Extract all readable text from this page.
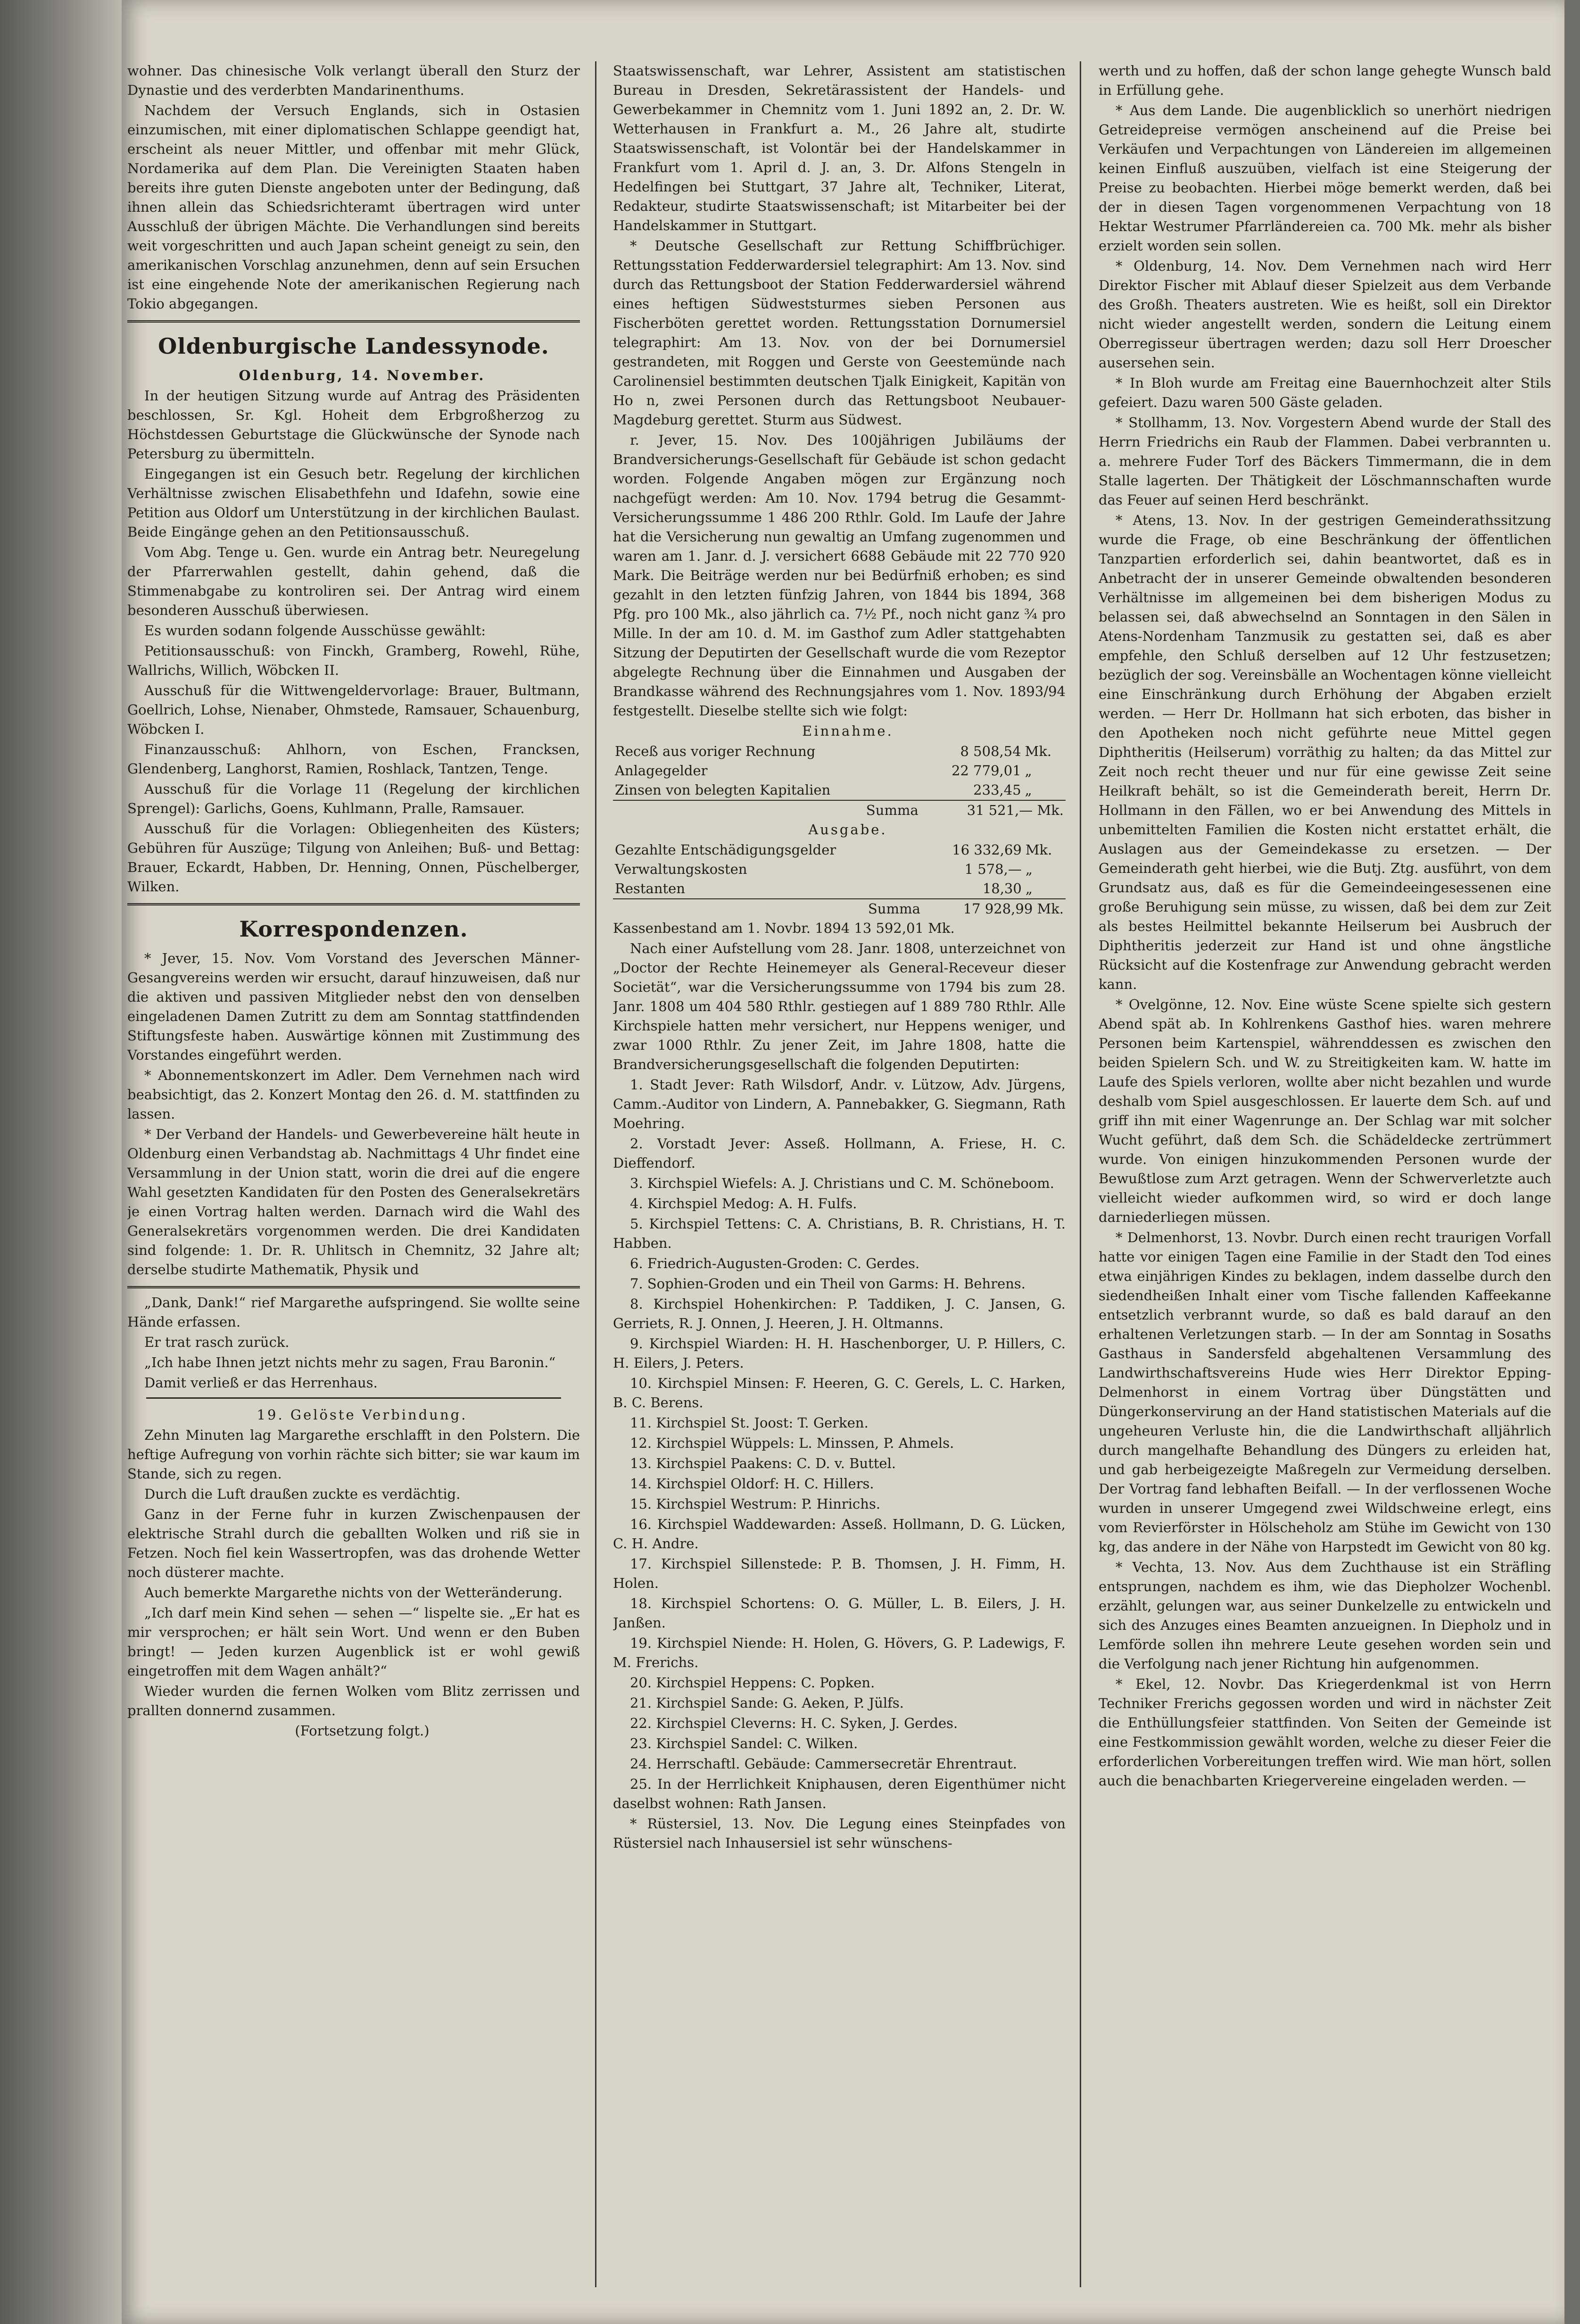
wohner. Das chinesische Volk verlangt überall den Sturz der Dynastie und des verderbten Mandarinenthums.

Nachdem der Versuch Englands, sich in Ostasien einzumischen, mit einer diplomatischen Schlappe geendigt hat, erscheint als neuer Mittler, und offenbar mit mehr Glück, Nordamerika auf dem Plan. Die Vereinigten Staaten haben bereits ihre guten Dienste angeboten unter der Bedingung, daß ihnen allein das Schiedsrichteramt übertragen wird unter Ausschluß der übrigen Mächte. Die Verhandlungen sind bereits weit vorgeschritten und auch Japan scheint geneigt zu sein, den amerikanischen Vorschlag anzunehmen, denn auf sein Ersuchen ist eine eingehende Note der amerikanischen Regierung nach Tokio abgegangen.

Oldenburgische Landessynode.

Oldenburg, 14. November.

In der heutigen Sitzung wurde auf Antrag des Präsidenten beschlossen, Sr. Kgl. Hoheit dem Erbgroßherzog zu Höchstdessen Geburtstage die Glückwünsche der Synode nach Petersburg zu übermitteln.

Eingegangen ist ein Gesuch betr. Regelung der kirchlichen Verhältnisse zwischen Elisabethfehn und Idafehn, sowie eine Petition aus Oldorf um Unterstützung in der kirchlichen Baulast. Beide Eingänge gehen an den Petitionsausschuß.

Vom Abg. Tenge u. Gen. wurde ein Antrag betr. Neuregelung der Pfarrerwahlen gestellt, dahin gehend, daß die Stimmenabgabe zu kontroliren sei. Der Antrag wird einem besonderen Ausschuß überwiesen.

Es wurden sodann folgende Ausschüsse gewählt:

Petitionsausschuß: von Finckh, Gramberg, Rowehl, Rühe, Wallrichs, Willich, Wöbcken II.

Ausschuß für die Wittwengeldervorlage: Brauer, Bultmann, Goellrich, Lohse, Nienaber, Ohmstede, Ramsauer, Schauenburg, Wöbcken I.

Finanzausschuß: Ahlhorn, von Eschen, Francksen, Glendenberg, Langhorst, Ramien, Roshlack, Tantzen, Tenge.

Ausschuß für die Vorlage 11 (Regelung der kirchlichen Sprengel): Garlichs, Goens, Kuhlmann, Pralle, Ramsauer.

Ausschuß für die Vorlagen: Obliegenheiten des Küsters; Gebühren für Auszüge; Tilgung von Anleihen; Buß- und Bettag: Brauer, Eckardt, Habben, Dr. Henning, Onnen, Püschelberger, Wilken.

Korrespondenzen.

* Jever, 15. Nov. Vom Vorstand des Jeverschen Männer-Gesangvereins werden wir ersucht, darauf hinzuweisen, daß nur die aktiven und passiven Mitglieder nebst den von denselben eingeladenen Damen Zutritt zu dem am Sonntag stattfindenden Stiftungsfeste haben. Auswärtige können mit Zustimmung des Vorstandes eingeführt werden.

* Abonnementskonzert im Adler. Dem Vernehmen nach wird beabsichtigt, das 2. Konzert Montag den 26. d. M. stattfinden zu lassen.

* Der Verband der Handels- und Gewerbevereine hält heute in Oldenburg einen Verbandstag ab. Nachmittags 4 Uhr findet eine Versammlung in der Union statt, worin die drei auf die engere Wahl gesetzten Kandidaten für den Posten des Generalsekretärs je einen Vortrag halten werden. Darnach wird die Wahl des Generalsekretärs vorgenommen werden. Die drei Kandidaten sind folgende: 1. Dr. R. Uhlitsch in Chemnitz, 32 Jahre alt; derselbe studirte Mathematik, Physik und

„Dank, Dank!“ rief Margarethe aufspringend. Sie wollte seine Hände erfassen.

Er trat rasch zurück.

„Ich habe Ihnen jetzt nichts mehr zu sagen, Frau Baronin.“

Damit verließ er das Herrenhaus.

19. Gelöste Verbindung.

Zehn Minuten lag Margarethe erschlafft in den Polstern. Die heftige Aufregung von vorhin rächte sich bitter; sie war kaum im Stande, sich zu regen.

Durch die Luft draußen zuckte es verdächtig.

Ganz in der Ferne fuhr in kurzen Zwischenpausen der elektrische Strahl durch die geballten Wolken und riß sie in Fetzen. Noch fiel kein Wassertropfen, was das drohende Wetter noch düsterer machte.

Auch bemerkte Margarethe nichts von der Wetteränderung.

„Ich darf mein Kind sehen — sehen —“ lispelte sie. „Er hat es mir versprochen; er hält sein Wort. Und wenn er den Buben bringt! — Jeden kurzen Augenblick ist er wohl gewiß eingetroffen mit dem Wagen anhält?“

Wieder wurden die fernen Wolken vom Blitz zerrissen und prallten donnernd zusammen.

(Fortsetzung folgt.)

Staatswissenschaft, war Lehrer, Assistent am statistischen Bureau in Dresden, Sekretärassistent der Handels- und Gewerbekammer in Chemnitz vom 1. Juni 1892 an, 2. Dr. W. Wetterhausen in Frankfurt a. M., 26 Jahre alt, studirte Staatswissenschaft, ist Volontär bei der Handelskammer in Frankfurt vom 1. April d. J. an, 3. Dr. Alfons Stengeln in Hedelfingen bei Stuttgart, 37 Jahre alt, Techniker, Literat, Redakteur, studirte Staatswissenschaft; ist Mitarbeiter bei der Handelskammer in Stuttgart.

* Deutsche Gesellschaft zur Rettung Schiffbrüchiger. Rettungsstation Fedderwardersiel telegraphirt: Am 13. Nov. sind durch das Rettungsboot der Station Fedderwardersiel während eines heftigen Südweststurmes sieben Personen aus Fischerböten gerettet worden. Rettungsstation Dornumersiel telegraphirt: Am 13. Nov. von der bei Dornumersiel gestrandeten, mit Roggen und Gerste von Geestemünde nach Carolinensiel bestimmten deutschen Tjalk Einigkeit, Kapitän von Ho n, zwei Personen durch das Rettungsboot Neubauer-Magdeburg gerettet. Sturm aus Südwest.

r. Jever, 15. Nov. Des 100jährigen Jubiläums der Brandversicherungs-Gesellschaft für Gebäude ist schon gedacht worden. Folgende Angaben mögen zur Ergänzung noch nachgefügt werden: Am 10. Nov. 1794 betrug die Gesammt-Versicherungssumme 1 486 200 Rthlr. Gold. Im Laufe der Jahre hat die Versicherung nun gewaltig an Umfang zugenommen und waren am 1. Janr. d. J. versichert 6688 Gebäude mit 22 770 920 Mark. Die Beiträge werden nur bei Bedürfniß erhoben; es sind gezahlt in den letzten fünfzig Jahren, von 1844 bis 1894, 368 Pfg. pro 100 Mk., also jährlich ca. 7½ Pf., noch nicht ganz ¾ pro Mille. In der am 10. d. M. im Gasthof zum Adler stattgehabten Sitzung der Deputirten der Gesellschaft wurde die vom Rezeptor abgelegte Rechnung über die Einnahmen und Ausgaben der Brandkasse während des Rechnungsjahres vom 1. Nov. 1893/94 festgestellt. Dieselbe stellte sich wie folgt:

Einnahme.

Receß aus voriger Rechnung	8 508,54	Mk.
Anlagegelder	22 779,01	„
Zinsen von belegten Kapitalien	233,45	„
Summa	31 521,— Mk.	

Ausgabe.

Gezahlte Entschädigungsgelder	16 332,69	Mk.
Verwaltungskosten	1 578,—	„
Restanten	18,30	„
Summa	17 928,99 Mk.	

Kassenbestand am 1. Novbr. 1894 13 592,01 Mk.

Nach einer Aufstellung vom 28. Janr. 1808, unterzeichnet von „Doctor der Rechte Heinemeyer als General-Receveur dieser Societät“, war die Versicherungssumme von 1794 bis zum 28. Janr. 1808 um 404 580 Rthlr. gestiegen auf 1 889 780 Rthlr. Alle Kirchspiele hatten mehr versichert, nur Heppens weniger, und zwar 1000 Rthlr. Zu jener Zeit, im Jahre 1808, hatte die Brandversicherungsgesellschaft die folgenden Deputirten:

1. Stadt Jever: Rath Wilsdorf, Andr. v. Lützow, Adv. Jürgens, Camm.-Auditor von Lindern, A. Pannebakker, G. Siegmann, Rath Moehring.

2. Vorstadt Jever: Asseß. Hollmann, A. Friese, H. C. Dieffendorf.

3. Kirchspiel Wiefels: A. J. Christians und C. M. Schöneboom.

4. Kirchspiel Medog: A. H. Fulfs.

5. Kirchspiel Tettens: C. A. Christians, B. R. Christians, H. T. Habben.

6. Friedrich-Augusten-Groden: C. Gerdes.

7. Sophien-Groden und ein Theil von Garms: H. Behrens.

8. Kirchspiel Hohenkirchen: P. Taddiken, J. C. Jansen, G. Gerriets, R. J. Onnen, J. Heeren, J. H. Oltmanns.

9. Kirchspiel Wiarden: H. H. Haschenborger, U. P. Hillers, C. H. Eilers, J. Peters.

10. Kirchspiel Minsen: F. Heeren, G. C. Gerels, L. C. Harken, B. C. Berens.

11. Kirchspiel St. Joost: T. Gerken.

12. Kirchspiel Wüppels: L. Minssen, P. Ahmels.

13. Kirchspiel Paakens: C. D. v. Buttel.

14. Kirchspiel Oldorf: H. C. Hillers.

15. Kirchspiel Westrum: P. Hinrichs.

16. Kirchspiel Waddewarden: Asseß. Hollmann, D. G. Lücken, C. H. Andre.

17. Kirchspiel Sillenstede: P. B. Thomsen, J. H. Fimm, H. Holen.

18. Kirchspiel Schortens: O. G. Müller, L. B. Eilers, J. H. Janßen.

19. Kirchspiel Niende: H. Holen, G. Hövers, G. P. Ladewigs, F. M. Frerichs.

20. Kirchspiel Heppens: C. Popken.

21. Kirchspiel Sande: G. Aeken, P. Jülfs.

22. Kirchspiel Cleverns: H. C. Syken, J. Gerdes.

23. Kirchspiel Sandel: C. Wilken.

24. Herrschaftl. Gebäude: Cammersecretär Ehrentraut.

25. In der Herrlichkeit Kniphausen, deren Eigenthümer nicht daselbst wohnen: Rath Jansen.

* Rüstersiel, 13. Nov. Die Legung eines Steinpfades von Rüstersiel nach Inhausersiel ist sehr wünschens-

werth und zu hoffen, daß der schon lange gehegte Wunsch bald in Erfüllung gehe.

* Aus dem Lande. Die augenblicklich so unerhört niedrigen Getreidepreise vermögen anscheinend auf die Preise bei Verkäufen und Verpachtungen von Ländereien im allgemeinen keinen Einfluß auszuüben, vielfach ist eine Steigerung der Preise zu beobachten. Hierbei möge bemerkt werden, daß bei der in diesen Tagen vorgenommenen Verpachtung von 18 Hektar Westrumer Pfarrländereien ca. 700 Mk. mehr als bisher erzielt worden sein sollen.

* Oldenburg, 14. Nov. Dem Vernehmen nach wird Herr Direktor Fischer mit Ablauf dieser Spielzeit aus dem Verbande des Großh. Theaters austreten. Wie es heißt, soll ein Direktor nicht wieder angestellt werden, sondern die Leitung einem Oberregisseur übertragen werden; dazu soll Herr Droescher ausersehen sein.

* In Bloh wurde am Freitag eine Bauernhochzeit alter Stils gefeiert. Dazu waren 500 Gäste geladen.

* Stollhamm, 13. Nov. Vorgestern Abend wurde der Stall des Herrn Friedrichs ein Raub der Flammen. Dabei verbrannten u. a. mehrere Fuder Torf des Bäckers Timmermann, die in dem Stalle lagerten. Der Thätigkeit der Löschmannschaften wurde das Feuer auf seinen Herd beschränkt.

* Atens, 13. Nov. In der gestrigen Gemeinderathssitzung wurde die Frage, ob eine Beschränkung der öffentlichen Tanzpartien erforderlich sei, dahin beantwortet, daß es in Anbetracht der in unserer Gemeinde obwaltenden besonderen Verhältnisse im allgemeinen bei dem bisherigen Modus zu belassen sei, daß abwechselnd an Sonntagen in den Sälen in Atens-Nordenham Tanzmusik zu gestatten sei, daß es aber empfehle, den Schluß derselben auf 12 Uhr festzusetzen; bezüglich der sog. Vereinsbälle an Wochentagen könne vielleicht eine Einschränkung durch Erhöhung der Abgaben erzielt werden. — Herr Dr. Hollmann hat sich erboten, das bisher in den Apotheken noch nicht geführte neue Mittel gegen Diphtheritis (Heilserum) vorräthig zu halten; da das Mittel zur Zeit noch recht theuer und nur für eine gewisse Zeit seine Heilkraft behält, so ist die Gemeinderath bereit, Herrn Dr. Hollmann in den Fällen, wo er bei Anwendung des Mittels in unbemittelten Familien die Kosten nicht erstattet erhält, die Auslagen aus der Gemeindekasse zu ersetzen. — Der Gemeinderath geht hierbei, wie die Butj. Ztg. ausführt, von dem Grundsatz aus, daß es für die Gemeindeeingesessenen eine große Beruhigung sein müsse, zu wissen, daß bei dem zur Zeit als bestes Heilmittel bekannte Heilserum bei Ausbruch der Diphtheritis jederzeit zur Hand ist und ohne ängstliche Rücksicht auf die Kostenfrage zur Anwendung gebracht werden kann.

* Ovelgönne, 12. Nov. Eine wüste Scene spielte sich gestern Abend spät ab. In Kohlrenkens Gasthof hies. waren mehrere Personen beim Kartenspiel, währenddessen es zwischen den beiden Spielern Sch. und W. zu Streitigkeiten kam. W. hatte im Laufe des Spiels verloren, wollte aber nicht bezahlen und wurde deshalb vom Spiel ausgeschlossen. Er lauerte dem Sch. auf und griff ihn mit einer Wagenrunge an. Der Schlag war mit solcher Wucht geführt, daß dem Sch. die Schädeldecke zertrümmert wurde. Von einigen hinzukommenden Personen wurde der Bewußtlose zum Arzt getragen. Wenn der Schwerverletzte auch vielleicht wieder aufkommen wird, so wird er doch lange darniederliegen müssen.

* Delmenhorst, 13. Novbr. Durch einen recht traurigen Vorfall hatte vor einigen Tagen eine Familie in der Stadt den Tod eines etwa einjährigen Kindes zu beklagen, indem dasselbe durch den siedendheißen Inhalt einer vom Tische fallenden Kaffeekanne entsetzlich verbrannt wurde, so daß es bald darauf an den erhaltenen Verletzungen starb. — In der am Sonntag in Sosaths Gasthaus in Sandersfeld abgehaltenen Versammlung des Landwirthschaftsvereins Hude wies Herr Direktor Epping-Delmenhorst in einem Vortrag über Düngstätten und Düngerkonservirung an der Hand statistischen Materials auf die ungeheuren Verluste hin, die die Landwirthschaft alljährlich durch mangelhafte Behandlung des Düngers zu erleiden hat, und gab herbeigezeigte Maßregeln zur Vermeidung derselben. Der Vortrag fand lebhaften Beifall. — In der verflossenen Woche wurden in unserer Umgegend zwei Wildschweine erlegt, eins vom Revierförster in Hölscheholz am Stühe im Gewicht von 130 kg, das andere in der Nähe von Harpstedt im Gewicht von 80 kg.

* Vechta, 13. Nov. Aus dem Zuchthause ist ein Sträfling entsprungen, nachdem es ihm, wie das Diepholzer Wochenbl. erzählt, gelungen war, aus seiner Dunkelzelle zu entwickeln und sich des Anzuges eines Beamten anzueignen. In Diepholz und in Lemförde sollen ihn mehrere Leute gesehen worden sein und die Verfolgung nach jener Richtung hin aufgenommen.

* Ekel, 12. Novbr. Das Kriegerdenkmal ist von Herrn Techniker Frerichs gegossen worden und wird in nächster Zeit die Enthüllungsfeier stattfinden. Von Seiten der Gemeinde ist eine Festkommission gewählt worden, welche zu dieser Feier die erforderlichen Vorbereitungen treffen wird. Wie man hört, sollen auch die benachbarten Kriegervereine eingeladen werden. —
